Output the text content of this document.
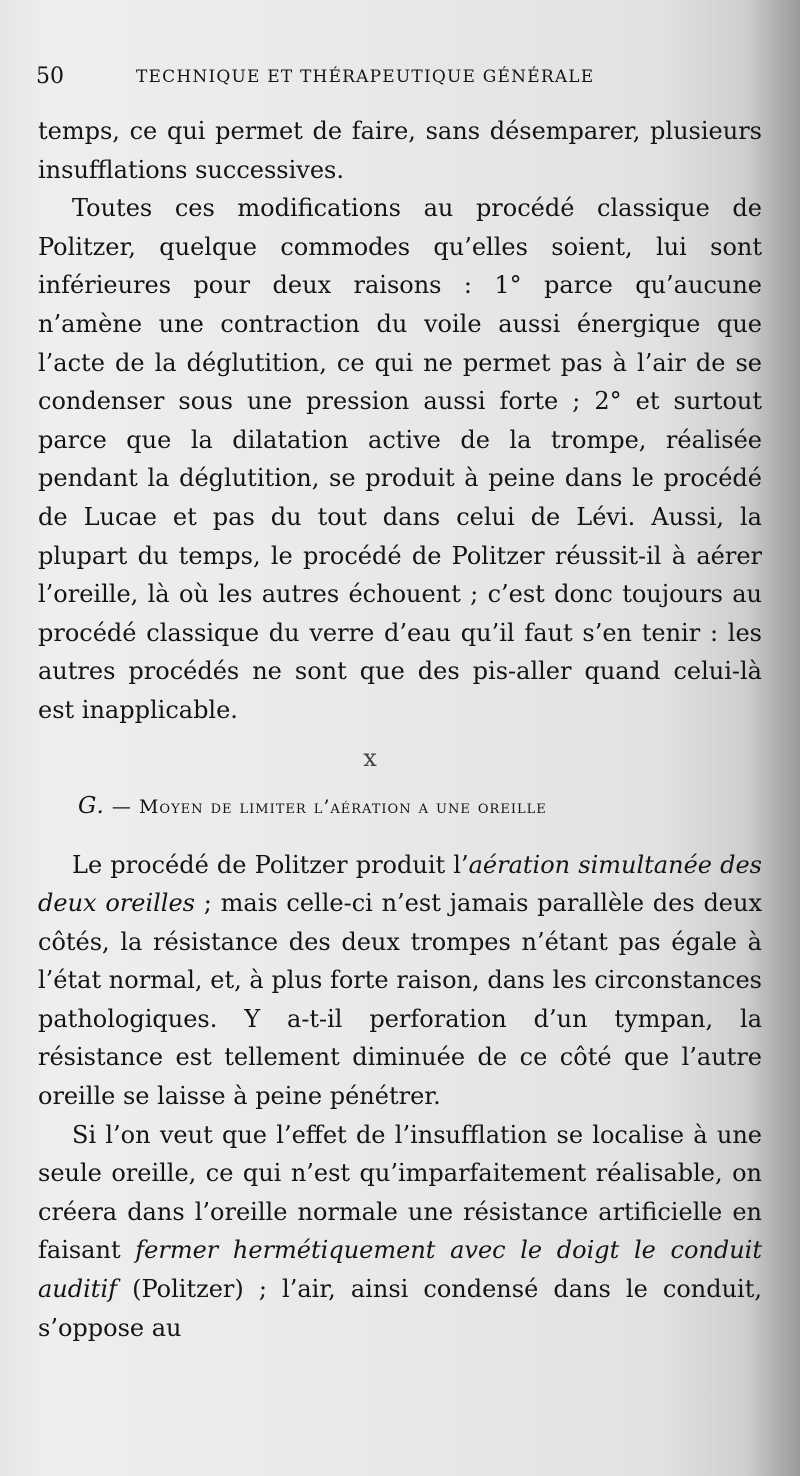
50	TECHNIQUE ET THÉRAPEUTIQUE GÉNÉRALE

temps, ce qui permet de faire, sans désemparer, plusieurs insufflations successives.

Toutes ces modifications au procédé classique de Politzer, quelque commodes qu’elles soient, lui sont inférieures pour deux raisons : 1° parce qu’aucune n’amène une contraction du voile aussi énergique que l’acte de la déglutition, ce qui ne permet pas à l’air de se condenser sous une pression aussi forte ; 2° et surtout parce que la dilatation active de la trompe, réalisée pendant la déglutition, se produit à peine dans le procédé de Lucae et pas du tout dans celui de Lévi. Aussi, la plupart du temps, le procédé de Politzer réussit-il à aérer l’oreille, là où les autres échouent ; c’est donc toujours au procédé classique du verre d’eau qu’il faut s’en tenir : les autres procédés ne sont que des pis-aller quand celui-là est inapplicable.

x
G. — Moyen de limiter l’aération a une oreille

Le procédé de Politzer produit l’aération simultanée des deux oreilles ; mais celle-ci n’est jamais parallèle des deux côtés, la résistance des deux trompes n’étant pas égale à l’état normal, et, à plus forte raison, dans les circonstances pathologiques. Y a-t-il perforation d’un tympan, la résistance est tellement diminuée de ce côté que l’autre oreille se laisse à peine pénétrer.

Si l’on veut que l’effet de l’insufflation se localise à une seule oreille, ce qui n’est qu’imparfaitement réalisable, on créera dans l’oreille normale une résistance artificielle en faisant fermer hermétiquement avec le doigt le conduit auditif (Politzer) ; l’air, ainsi condensé dans le conduit, s’oppose au
